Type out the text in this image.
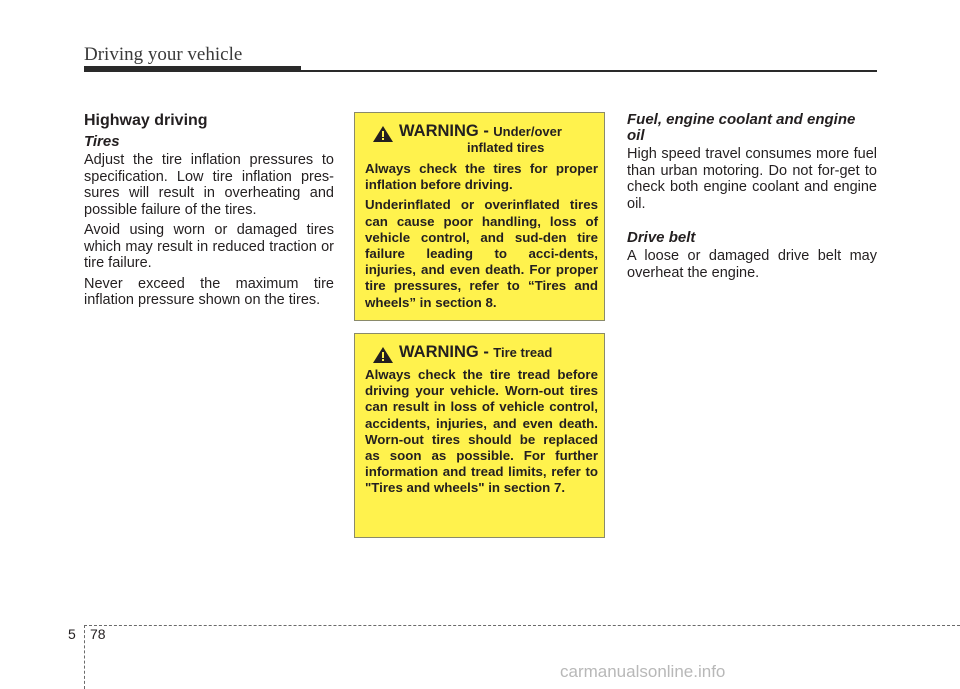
Driving your vehicle
Highway driving
Tires

Adjust the tire inflation pressures to specification. Low tire inflation pres-sures will result in overheating and possible failure of the tires.

Avoid using worn or damaged tires which may result in reduced traction or tire failure.

Never exceed the maximum tire inflation pressure shown on the tires.

WARNING - Under/over
inflated tires

Always check the tires for proper inflation before driving.

Underinflated or overinflated tires can cause poor handling, loss of vehicle control, and sud-den tire failure leading to acci-dents, injuries, and even death. For proper tire pressures, refer to “Tires and wheels” in section 8.

WARNING - Tire tread

Always check the tire tread before driving your vehicle. Worn-out tires can result in loss of vehicle control, accidents, injuries, and even death. Worn-out tires should be replaced as soon as possible. For further information and tread limits, refer to "Tires and wheels" in section 7.

Fuel, engine coolant and engine oil

High speed travel consumes more fuel than urban motoring. Do not for-get to check both engine coolant and engine oil.

Drive belt

A loose or damaged drive belt may overheat the engine.

5 78
carmanualsonline.info
